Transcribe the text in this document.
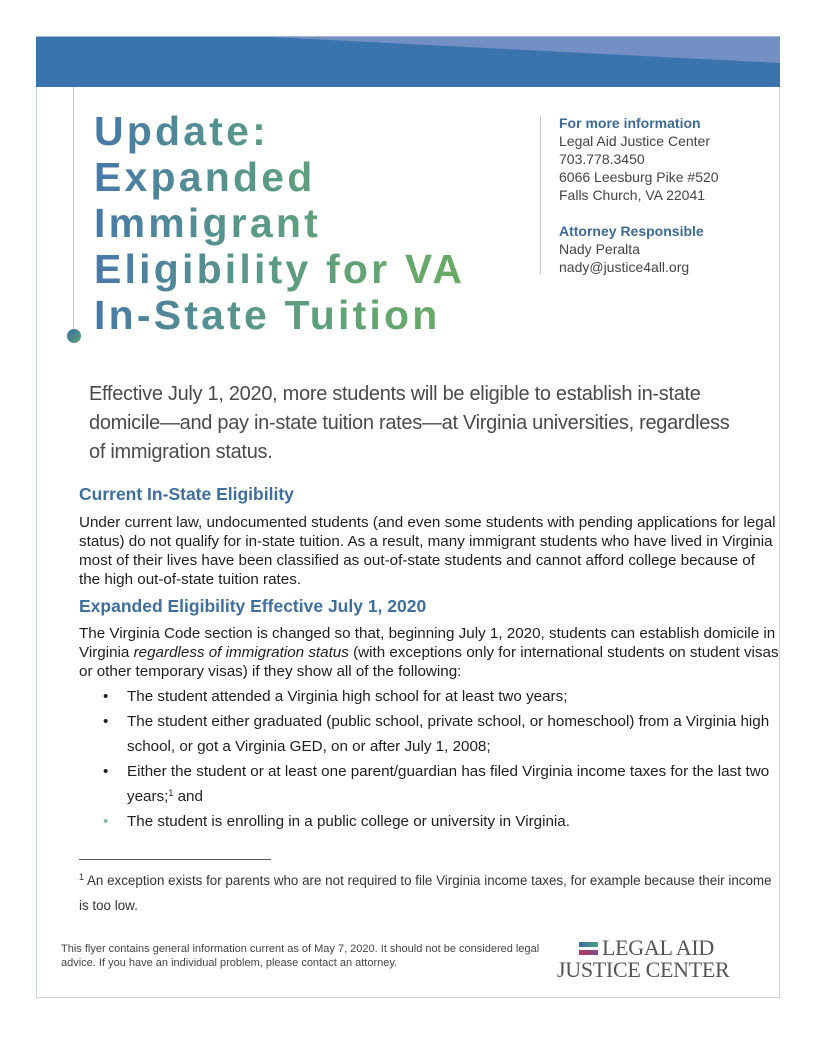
Update:
Expanded
Immigrant
Eligibility for VA
In-State Tuition
For more information
Legal Aid Justice Center
703.778.3450
6066 Leesburg Pike #520
Falls Church, VA 22041
Attorney Responsible
Nady Peralta
nady@justice4all.org

Effective July 1, 2020, more students will be eligible to establish in-state domicile—and pay in-state tuition rates—at Virginia universities, regardless of immigration status.

Current In-State Eligibility

Under current law, undocumented students (and even some students with pending applications for legal status) do not qualify for in-state tuition. As a result, many immigrant students who have lived in Virginia most of their lives have been classified as out-of-state students and cannot afford college because of the high out-of-state tuition rates.

Expanded Eligibility Effective July 1, 2020

The Virginia Code section is changed so that, beginning July 1, 2020, students can establish domicile in Virginia regardless of immigration status (with exceptions only for international students on student visas or other temporary visas) if they show all of the following:

• The student attended a Virginia high school for at least two years;
• The student either graduated (public school, private school, or homeschool) from a Virginia high school, or got a Virginia GED, on or after July 1, 2008;
• Either the student or at least one parent/guardian has filed Virginia income taxes for the last two years;$^1$ and
• The student is enrolling in a public college or university in Virginia.
$^1$ An exception exists for parents who are not required to file Virginia income taxes, for example because their income is too low.
This flyer contains general information current as of May 7, 2020. It should not be considered legal advice. If you have an individual problem, please contact an attorney.
LEGAL AID
JUSTICE CENTER
